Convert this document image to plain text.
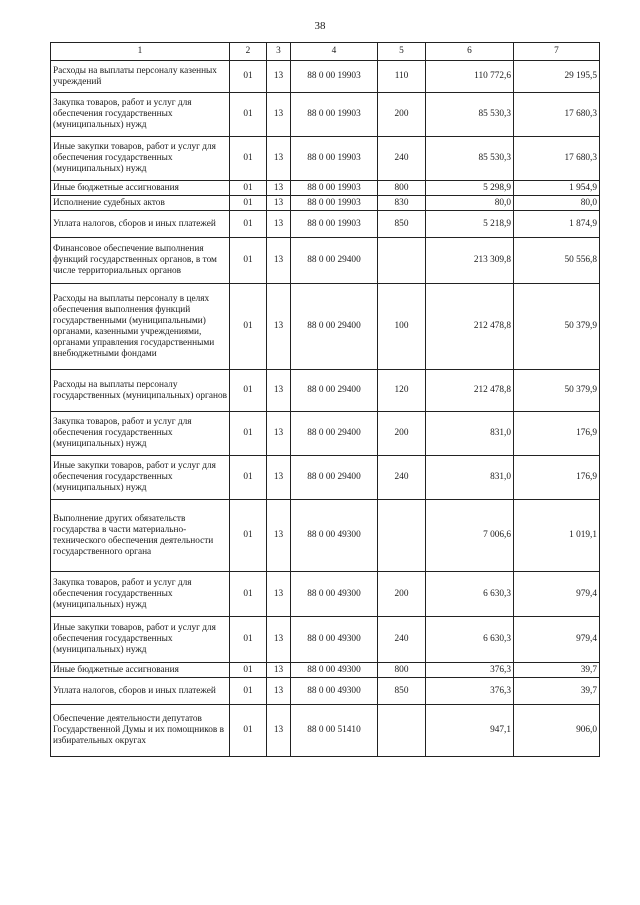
38
1	2	3	4	5	6	7
Расходы на выплаты персоналу казенных учреждений	01	13	88 0 00 19903	110	110 772,6	29 195,5
Закупка товаров, работ и услуг для обеспечения государственных (муниципальных) нужд	01	13	88 0 00 19903	200	85 530,3	17 680,3
Иные закупки товаров, работ и услуг для обеспечения государственных (муниципальных) нужд	01	13	88 0 00 19903	240	85 530,3	17 680,3
Иные бюджетные ассигнования	01	13	88 0 00 19903	800	5 298,9	1 954,9
Исполнение судебных актов	01	13	88 0 00 19903	830	80,0	80,0
Уплата налогов, сборов и иных платежей	01	13	88 0 00 19903	850	5 218,9	1 874,9
Финансовое обеспечение выполнения функций государственных органов, в том числе территориальных органов	01	13	88 0 00 29400		213 309,8	50 556,8
Расходы на выплаты персоналу в целях обеспечения выполнения функций государственными (муниципальными) органами, казенными учреждениями, органами управления государственными внебюджетными фондами	01	13	88 0 00 29400	100	212 478,8	50 379,9
Расходы на выплаты персоналу государственных (муниципальных) органов	01	13	88 0 00 29400	120	212 478,8	50 379,9
Закупка товаров, работ и услуг для обеспечения государственных (муниципальных) нужд	01	13	88 0 00 29400	200	831,0	176,9
Иные закупки товаров, работ и услуг для обеспечения государственных (муниципальных) нужд	01	13	88 0 00 29400	240	831,0	176,9
Выполнение других обязательств государства в части материально-технического обеспечения деятельности государственного органа	01	13	88 0 00 49300		7 006,6	1 019,1
Закупка товаров, работ и услуг для обеспечения государственных (муниципальных) нужд	01	13	88 0 00 49300	200	6 630,3	979,4
Иные закупки товаров, работ и услуг для обеспечения государственных (муниципальных) нужд	01	13	88 0 00 49300	240	6 630,3	979,4
Иные бюджетные ассигнования	01	13	88 0 00 49300	800	376,3	39,7
Уплата налогов, сборов и иных платежей	01	13	88 0 00 49300	850	376,3	39,7
Обеспечение деятельности депутатов Государственной Думы и их помощников в избирательных округах	01	13	88 0 00 51410		947,1	906,0
